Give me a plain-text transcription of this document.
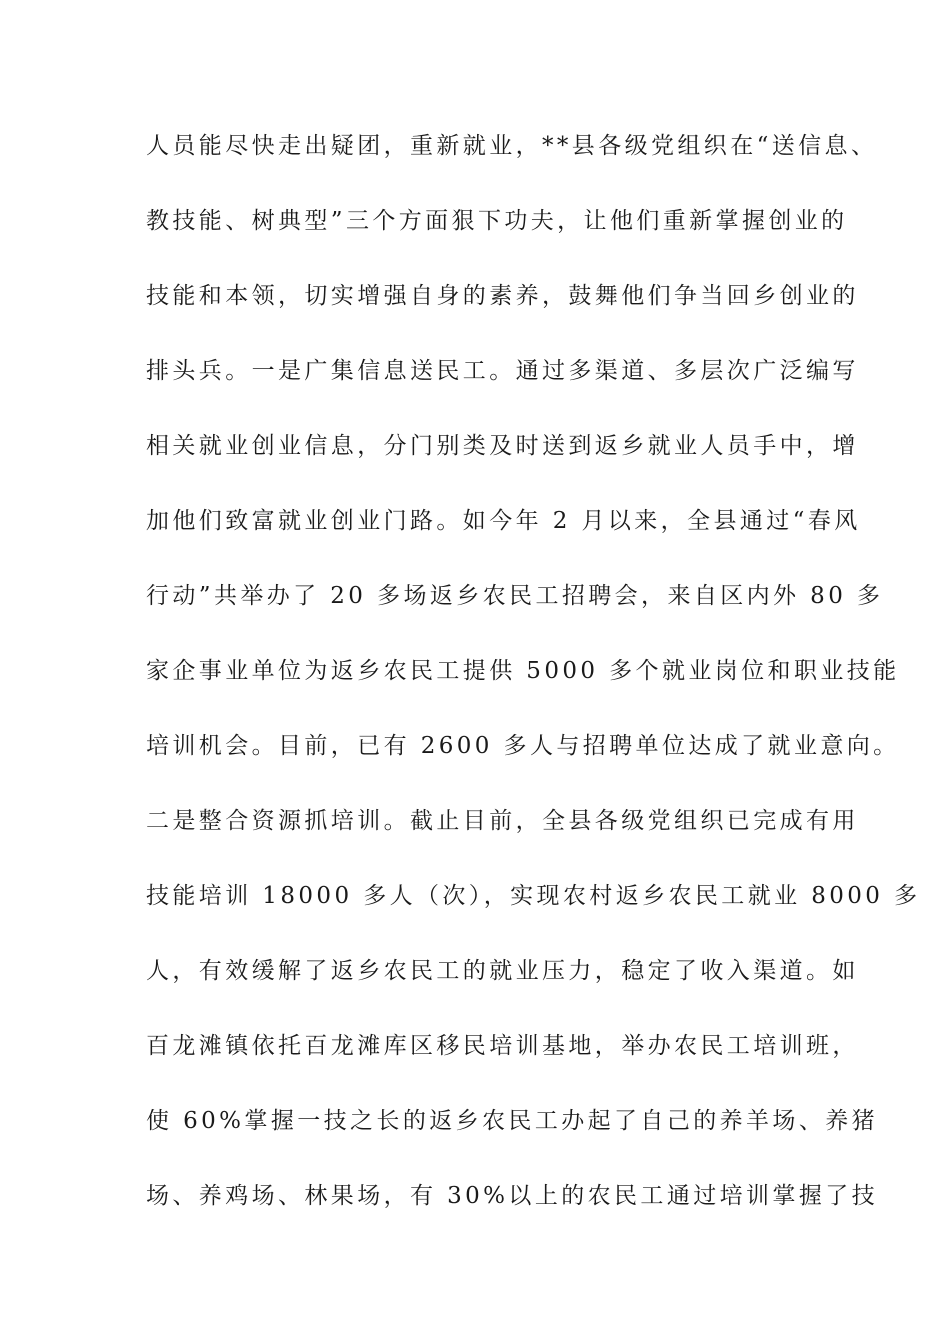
人员能尽快走出疑团，重新就业，**县各级党组织在“送信息、
教技能、树典型”三个方面狠下功夫，让他们重新掌握创业的
技能和本领，切实增强自身的素养，鼓舞他们争当回乡创业的
排头兵。一是广集信息送民工。通过多渠道、多层次广泛编写
相关就业创业信息，分门别类及时送到返乡就业人员手中，增
加他们致富就业创业门路。如今年 2 月以来，全县通过“春风
行动”共举办了 20 多场返乡农民工招聘会，来自区内外 80 多
家企事业单位为返乡农民工提供 5000 多个就业岗位和职业技能
培训机会。目前，已有 2600 多人与招聘单位达成了就业意向。
二是整合资源抓培训。截止目前，全县各级党组织已完成有用
技能培训 18000 多人（次），实现农村返乡农民工就业 8000 多
人，有效缓解了返乡农民工的就业压力，稳定了收入渠道。如
百龙滩镇依托百龙滩库区移民培训基地，举办农民工培训班，
使 60%掌握一技之长的返乡农民工办起了自己的养羊场、养猪
场、养鸡场、林果场，有 30%以上的农民工通过培训掌握了技
